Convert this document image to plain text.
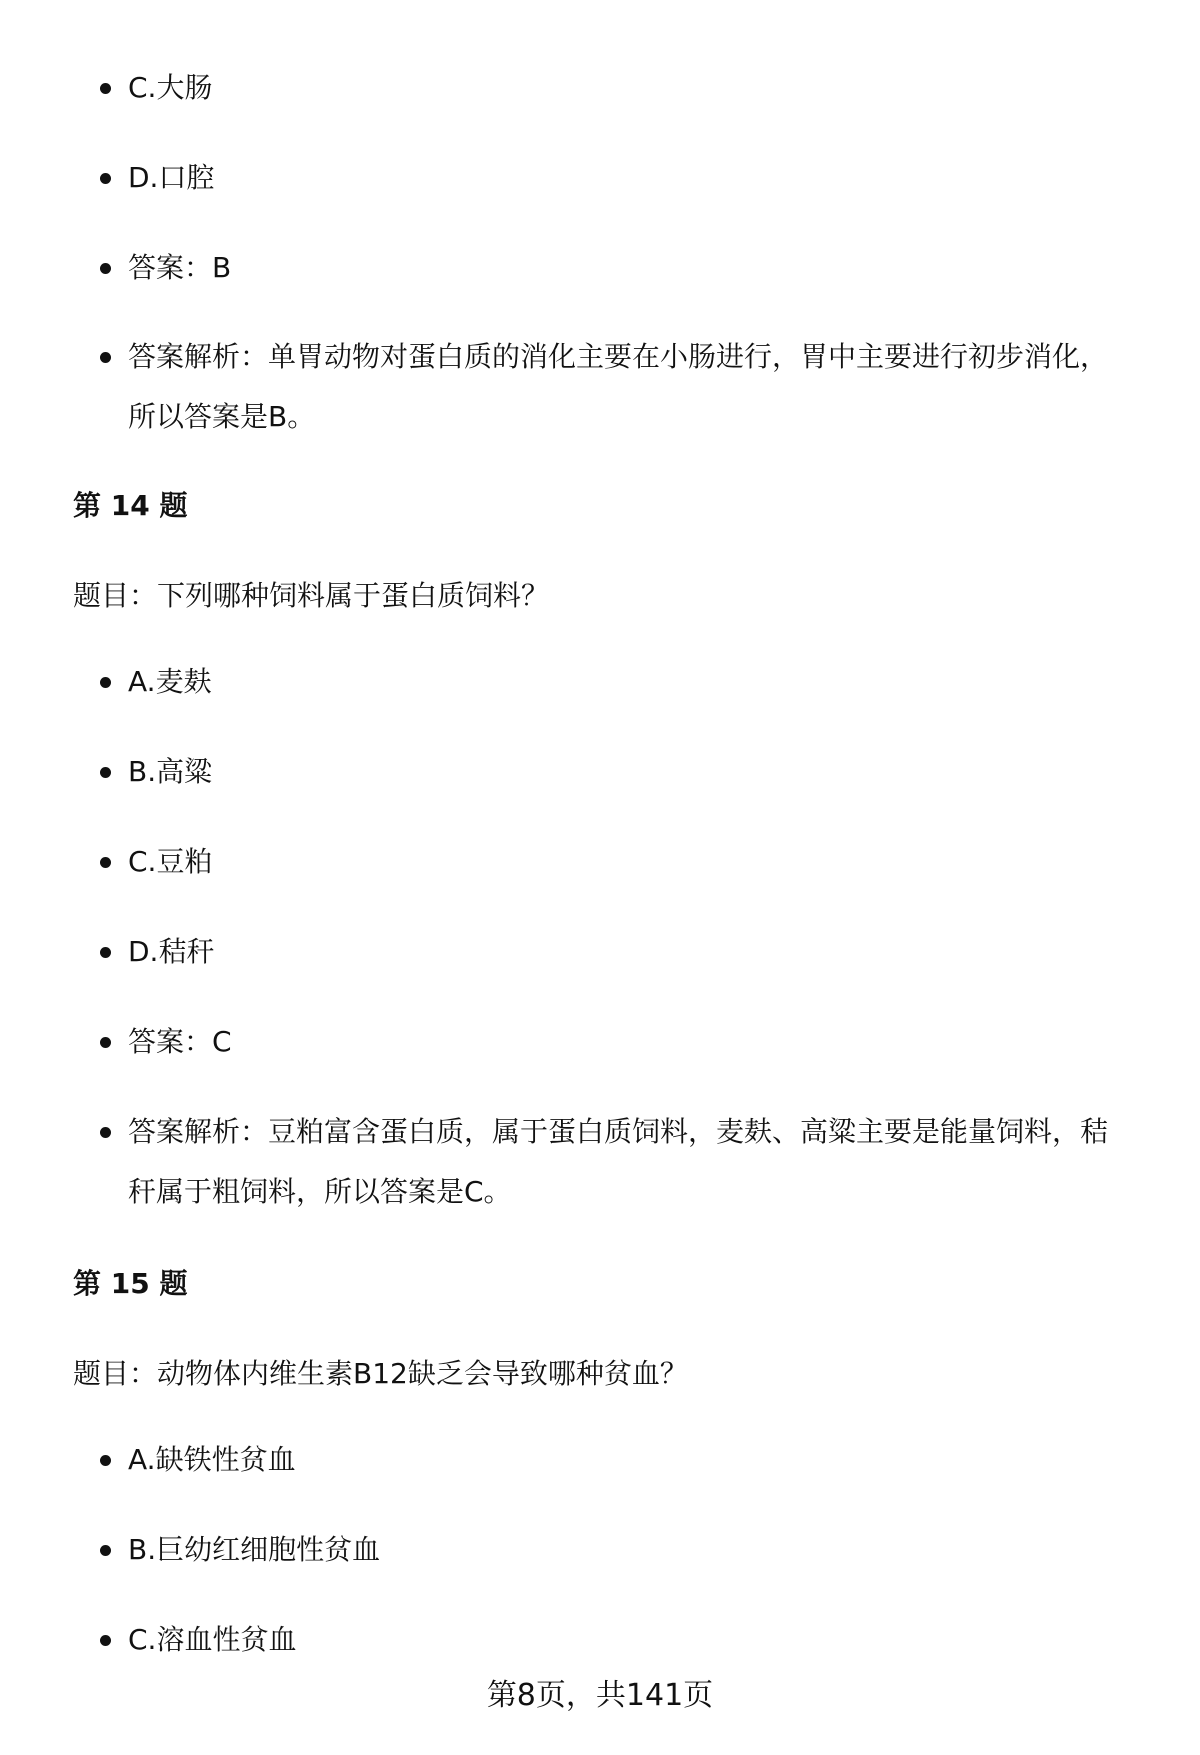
C.大肠
D.口腔
答案：B
答案解析：单胃动物对蛋白质的消化主要在小肠进行，胃中主要进行初步消化，所以答案是B。
第 14 题

题目：下列哪种饲料属于蛋白质饲料？

A.麦麸
B.高粱
C.豆粕
D.秸秆
答案：C
答案解析：豆粕富含蛋白质，属于蛋白质饲料，麦麸、高粱主要是能量饲料，秸秆属于粗饲料，所以答案是C。
第 15 题

题目：动物体内维生素B12缺乏会导致哪种贫血？

A.缺铁性贫血
B.巨幼红细胞性贫血
C.溶血性贫血
第8页，共141页
